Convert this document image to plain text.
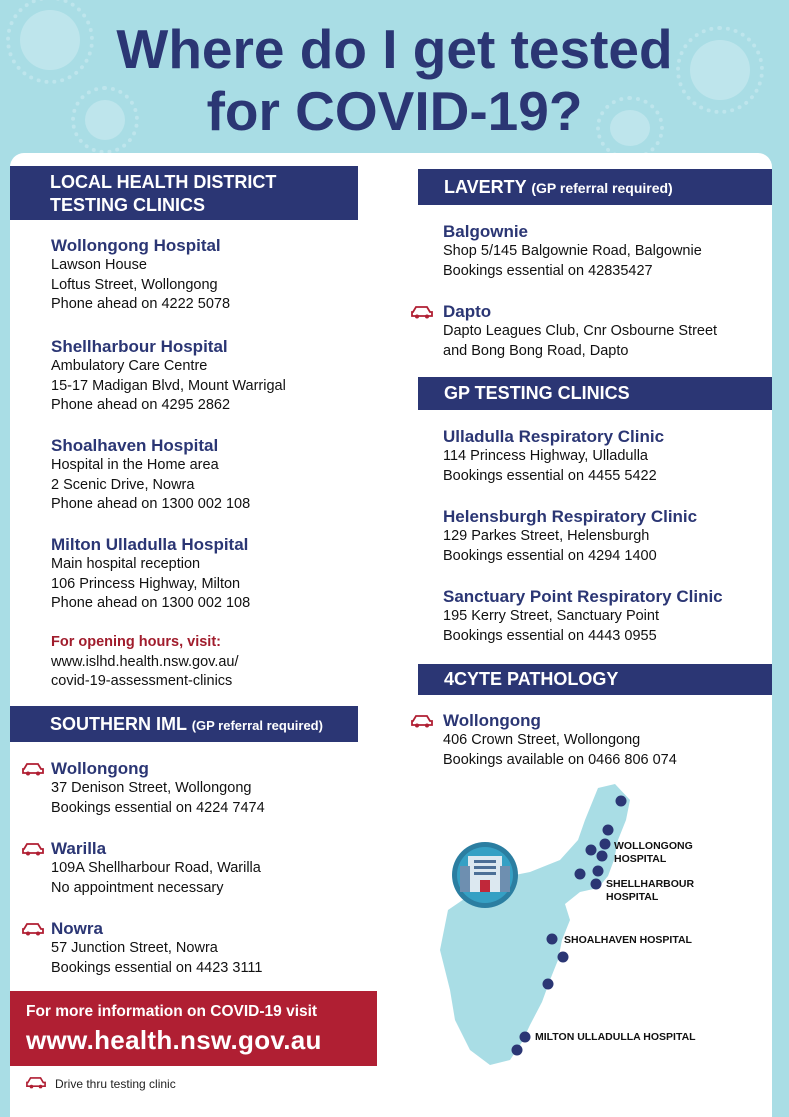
Where do I get tested
for COVID-19?
LOCAL HEALTH DISTRICT
TESTING CLINICS
Wollongong Hospital
Lawson House
Loftus Street, Wollongong
Phone ahead on 4222 5078
Shellharbour Hospital
Ambulatory Care Centre
15-17 Madigan Blvd, Mount Warrigal
Phone ahead on 4295 2862
Shoalhaven Hospital
Hospital in the Home area
2 Scenic Drive, Nowra
Phone ahead on 1300 002 108
Milton Ulladulla Hospital
Main hospital reception
106 Princess Highway, Milton
Phone ahead on 1300 002 108
For opening hours, visit:
www.islhd.health.nsw.gov.au/
covid-19-assessment-clinics
SOUTHERN IML (GP referral required)
Wollongong
37 Denison Street, Wollongong
Bookings essential on 4224 7474
Warilla
109A Shellharbour Road, Warilla
No appointment necessary
Nowra
57 Junction Street, Nowra
Bookings essential on 4423 3111
For more information on COVID-19 visit
www.health.nsw.gov.au
Drive thru testing clinic
LAVERTY (GP referral required)
Balgownie
Shop 5/145 Balgownie Road, Balgownie
Bookings essential on 42835427
Dapto
Dapto Leagues Club, Cnr Osbourne Street
and Bong Bong Road, Dapto
GP TESTING CLINICS
Ulladulla Respiratory Clinic
114 Princess Highway, Ulladulla
Bookings essential on 4455 5422
Helensburgh Respiratory Clinic
129 Parkes Street, Helensburgh
Bookings essential on 4294 1400
Sanctuary Point Respiratory Clinic
195 Kerry Street, Sanctuary Point
Bookings essential on 4443 0955
4CYTE PATHOLOGY
Wollongong
406 Crown Street, Wollongong
Bookings available on 0466 806 074
WOLLONGONG
HOSPITAL
SHELLHARBOUR
HOSPITAL
SHOALHAVEN HOSPITAL
MILTON ULLADULLA HOSPITAL
